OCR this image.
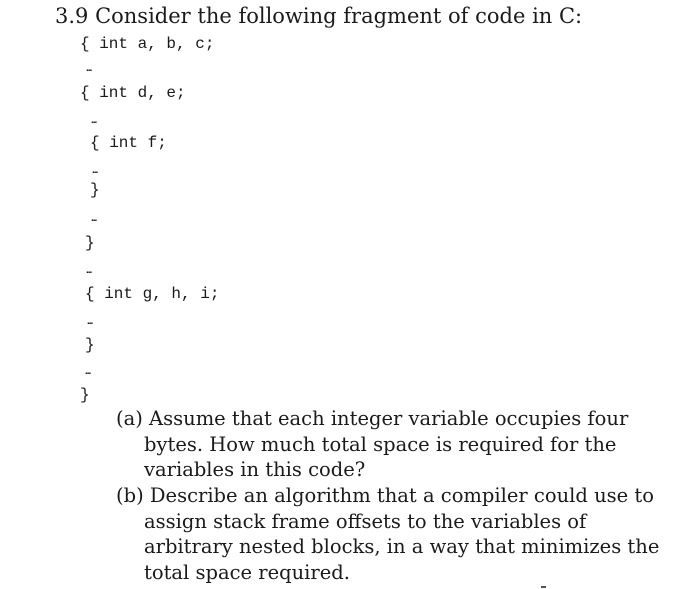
3.9 Consider the following fragment of code in C:
{ int a, b, c;
...
{ int d, e;
...
{ int f;
...
}
...
}
...
{ int g, h, i;
...
}
...
}
(a) Assume that each integer variable occupies four bytes. How much total space is required for the variables in this code?
(b) Describe an algorithm that a compiler could use to assign stack frame offsets to the variables of arbitrary nested blocks, in a way that minimizes the total space required.
